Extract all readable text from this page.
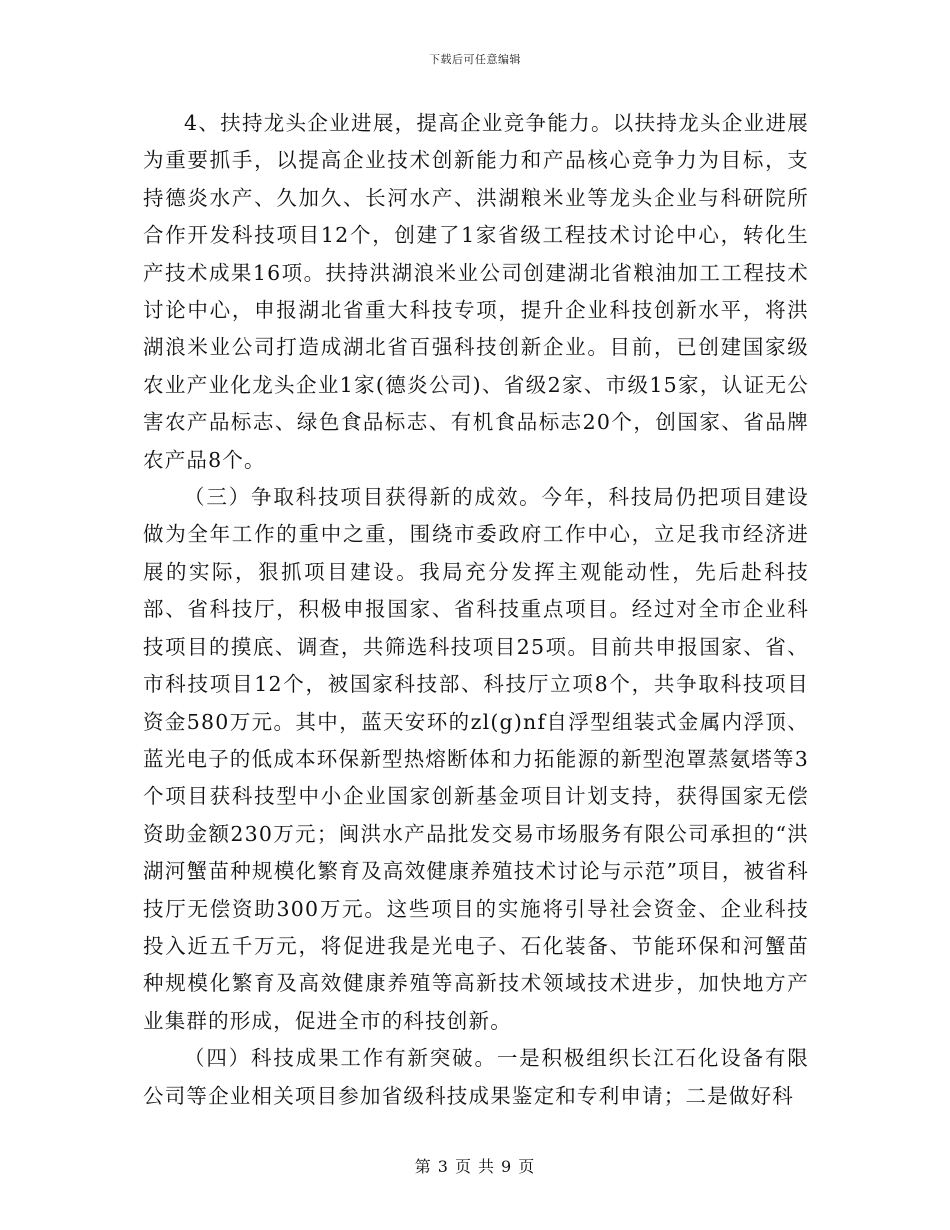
下载后可任意编辑

4、扶持龙头企业进展，提高企业竞争能力。以扶持龙头企业进展为重要抓手，以提高企业技术创新能力和产品核心竞争力为目标，支持德炎水产、久加久、长河水产、洪湖粮米业等龙头企业与科研院所合作开发科技项目12个，创建了1家省级工程技术讨论中心，转化生产技术成果16项。扶持洪湖浪米业公司创建湖北省粮油加工工程技术讨论中心，申报湖北省重大科技专项，提升企业科技创新水平，将洪湖浪米业公司打造成湖北省百强科技创新企业。目前，已创建国家级农业产业化龙头企业1家(德炎公司)、省级2家、市级15家，认证无公害农产品标志、绿色食品标志、有机食品标志20个，创国家、省品牌农产品8个。

（三）争取科技项目获得新的成效。今年，科技局仍把项目建设做为全年工作的重中之重，围绕市委政府工作中心，立足我市经济进展的实际，狠抓项目建设。我局充分发挥主观能动性，先后赴科技部、省科技厅，积极申报国家、省科技重点项目。经过对全市企业科技项目的摸底、调查，共筛选科技项目25项。目前共申报国家、省、市科技项目12个，被国家科技部、科技厅立项8个，共争取科技项目资金580万元。其中，蓝天安环的zl(g)nf自浮型组装式金属内浮顶、蓝光电子的低成本环保新型热熔断体和力拓能源的新型泡罩蒸氨塔等3个项目获科技型中小企业国家创新基金项目计划支持，获得国家无偿资助金额230万元；闽洪水产品批发交易市场服务有限公司承担的“洪湖河蟹苗种规模化繁育及高效健康养殖技术讨论与示范”项目，被省科技厅无偿资助300万元。这些项目的实施将引导社会资金、企业科技投入近五千万元，将促进我是光电子、石化装备、节能环保和河蟹苗种规模化繁育及高效健康养殖等高新技术领域技术进步，加快地方产业集群的形成，促进全市的科技创新。

（四）科技成果工作有新突破。一是积极组织长江石化设备有限公司等企业相关项目参加省级科技成果鉴定和专利申请；二是做好科

第 3 页 共 9 页
